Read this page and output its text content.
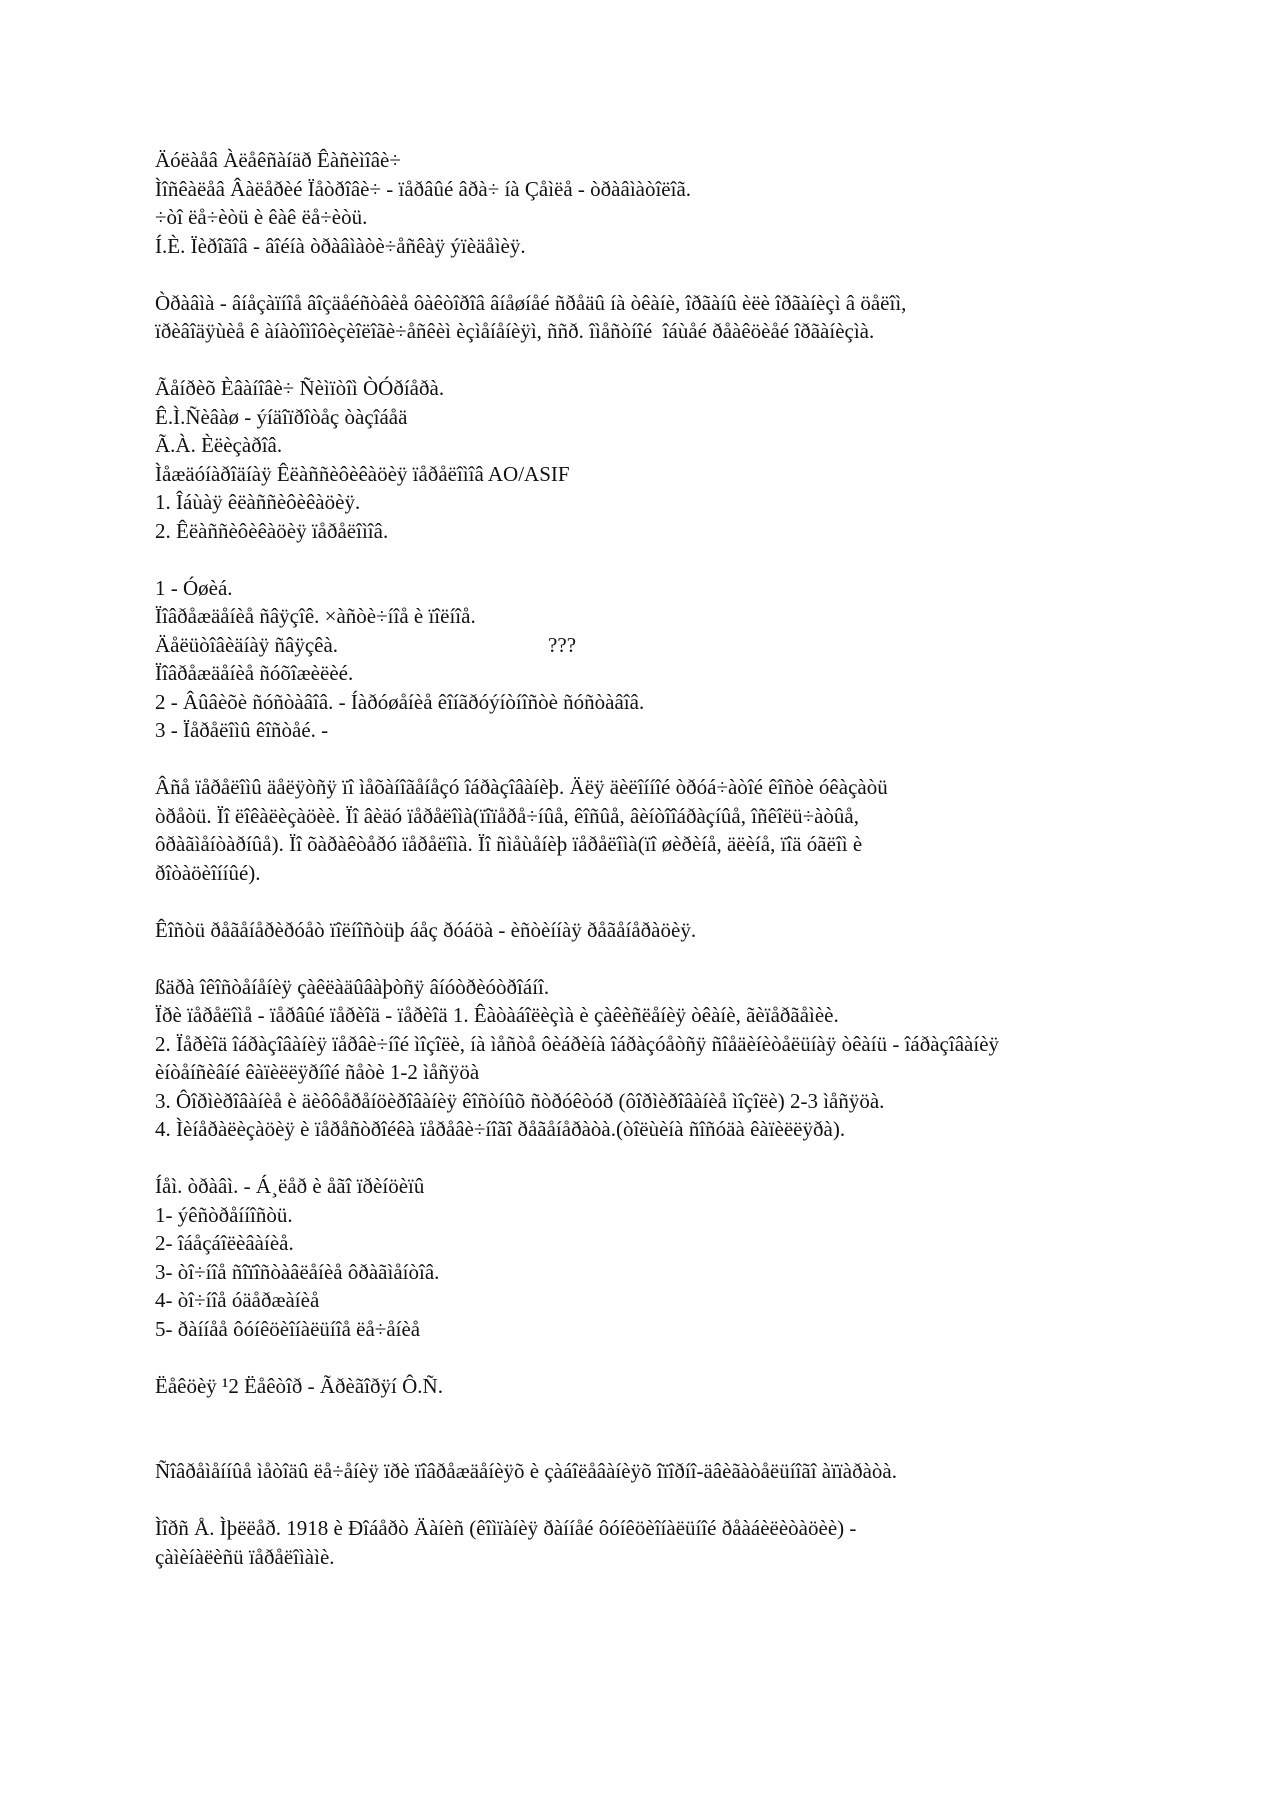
Äóëàåâ Àëåêñàíäð Êàñèìîâè÷
Ìîñêàëåâ Âàëåðèé Ïåòðîâè÷ - ïåðâûé âðà÷ íà Çåìëå - òðàâìàòîëîã.
÷òî ëå÷èòü è êàê ëå÷èòü.
Í.È. Ïèðîãîâ - âîéíà òðàâìàòè÷åñêàÿ ýïèäåìèÿ.
Òðàâìà - âíåçàïíîå âîçäåéñòâèå ôàêòîðîâ âíåøíåé ñðåäû íà òêàíè, îðãàíû èëè îðãàíèçì â öåëîì,
ïðèâîäÿùèå ê àíàòîìîôèçèîëîãè÷åñêèì èçìåíåíèÿì, ññð. îìåñòíîé  îáùåé ðåàêöèåé îðãàíèçìà.
Ãåíðèõ Èâàíîâè÷ Ñèìïòîì ÒÓðíåðà.
Ê.Ì.Ñèâàø - ýíäîïðîòåç òàçîáåä
Ã.À. Èëèçàðîâ.
Ìåæäóíàðîäíàÿ Êëàññèôèêàöèÿ ïåðåëîìîâ AO/ASIF
1. Îáùàÿ êëàññèôèêàöèÿ.
2. Êëàññèôèêàöèÿ ïåðåëîìîâ.
1 - Óøèá.
Ïîâðåæäåíèå ñâÿçîê. ×àñòè÷íîå è ïîëíîå.
Äåëüòîâèäíàÿ ñâÿçêà.	???
Ïîâðåæäåíèå ñóõîæèëèé.
2 - Âûâèõè ñóñòàâîâ. - Íàðóøåíèå êîíãðóýíòíîñòè ñóñòàâîâ.
3 - Ïåðåëîìû êîñòåé. -
Âñå ïåðåëîìû äåëÿòñÿ ïî ìåõàíîãåíåçó îáðàçîâàíèþ. Äëÿ äèëîííîé òðóá÷àòîé êîñòè óêàçàòü
òðåòü. Ïî ëîêàëèçàöèè. Ïî âèäó ïåðåëîìà(ïîïåðå÷íûå, êîñûå, âèíòîîáðàçíûå, îñêîëü÷àòûå,
ôðàãìåíòàðíûå). Ïî õàðàêòåðó ïåðåëîìà. Ïî ñìåùåíèþ ïåðåëîìà(ïî øèðèíå, äëèíå, ïîä óãëîì è
ðîòàöèîííûé).
Êîñòü ðåãåíåðèðóåò ïîëíîñòüþ áåç ðóáöà - èñòèííàÿ ðåãåíåðàöèÿ.
ßäðà îêîñòåíåíèÿ çàêëàäûâàþòñÿ âíóòðèóòðîáíî.
Ïðè ïåðåëîìå - ïåðâûé ïåðèîä - ïåðèîä 1. Êàòàáîëèçìà è çàêèñëåíèÿ òêàíè, ãèïåðãåìèè.
2. Ïåðèîä îáðàçîâàíèÿ ïåðâè÷íîé ìîçîëè, íà ìåñòå ôèáðèíà îáðàçóåòñÿ ñîåäèíèòåëüíàÿ òêàíü - îáðàçîâàíèÿ
èíòåíñèâíé êàïèëëÿðíîé ñåòè 1-2 ìåñÿöà
3. Ôîðìèðîâàíèå è äèôôåðåíöèðîâàíèÿ êîñòíûõ ñòðóêòóð (ôîðìèðîâàíèå ìîçîëè) 2-3 ìåñÿöà.
4. Ìèíåðàëèçàöèÿ è ïåðåñòðîéêà ïåðåâè÷íîãî ðåãåíåðàòà.(òîëùèíà ñîñóäà êàïèëëÿðà).
Íåì. òðàâì. - Á¸ëåð è åãî ïðèíöèïû
1- ýêñòðåííîñòü.
2- îáåçáîëèâàíèå.
3- òî÷íîå ñîïîñòàâëåíèå ôðàãìåíòîâ.
4- òî÷íîå óäåðæàíèå
5- ðàííåå ôóíêöèîíàëüíîå ëå÷åíèå
Ëåêöèÿ ¹2 Ëåêòîð - Ãðèãîðÿí Ô.Ñ.
Ñîâðåìåííûå ìåòîäû ëå÷åíèÿ ïðè ïîâðåæäåíèÿõ è çàáîëåâàíèÿõ îïîðíî-äâèãàòåëüíîãî àïïàðàòà.
Ìîðñ Å. Ìþëëåð. 1918 è Ðîáåðò Äàíèñ (êîìïàíèÿ ðàííåé ôóíêöèîíàëüíîé ðåàáèëèòàöèè) -
çàìèíàëèñü ïåðåëîìàìè.
